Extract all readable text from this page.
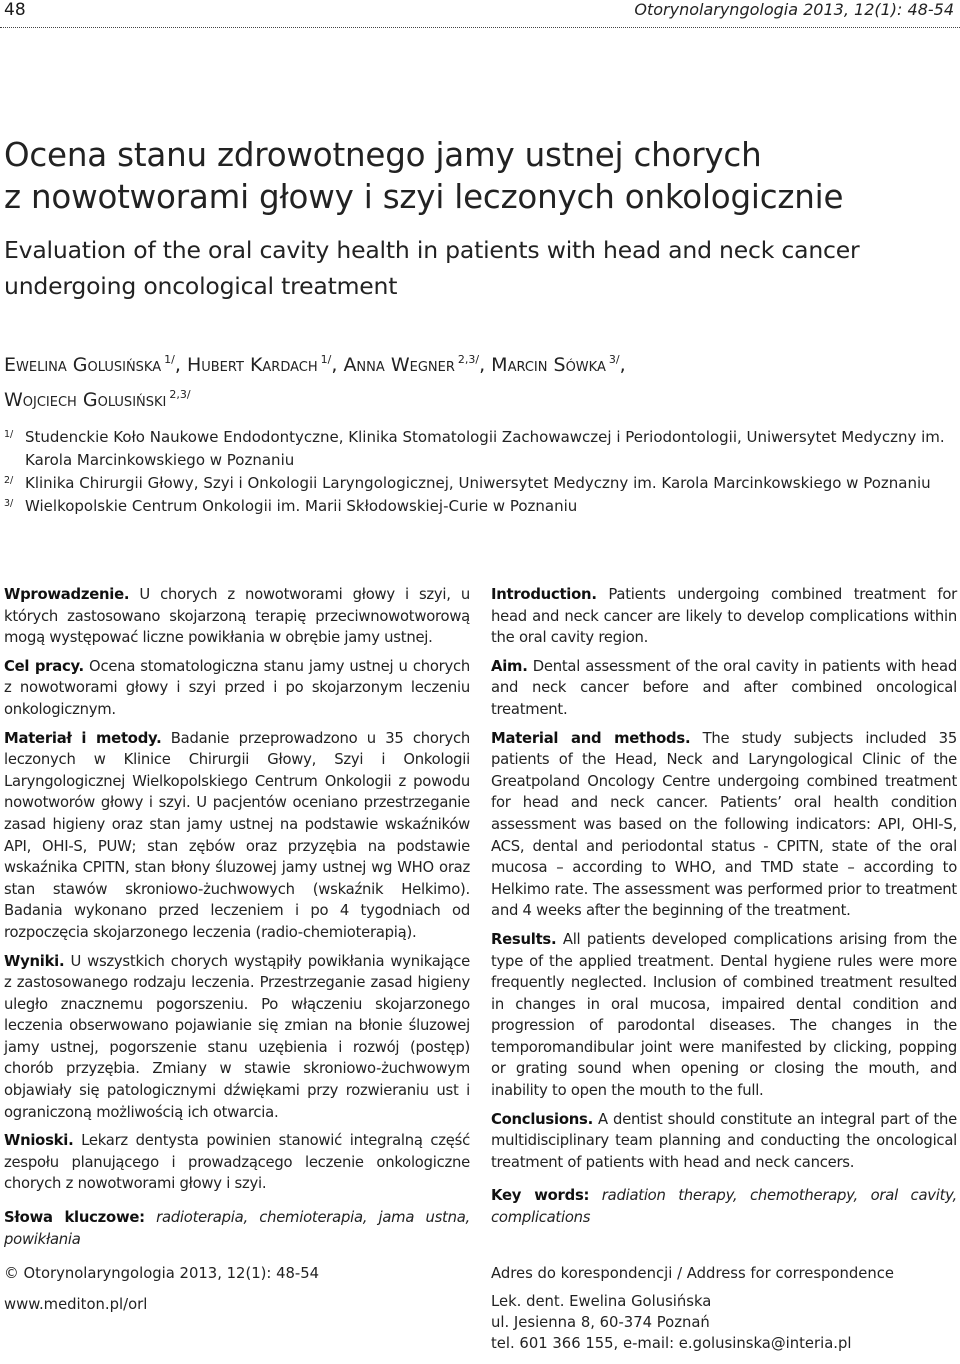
48	Otorynolaryngologia 2013, 12(1): 48-54
Ocena stanu zdrowotnego jamy ustnej chorych
z nowotworami głowy i szyi leczonych onkologicznie
Evaluation of the oral cavity health in patients with head and neck cancer
undergoing oncological treatment
Ewelina Golusińska $^{1/}$, Hubert Kardach $^{1/}$, Anna Wegner $^{2,3/}$, Marcin Sówka $^{3/}$,
Wojciech Golusiński $^{2,3/}$
1/ Studenckie Koło Naukowe Endodontyczne, Klinika Stomatologii Zachowawczej i Periodontologii, Uniwersytet Medyczny im. Karola Marcinkowskiego w Poznaniu
2/ Klinika Chirurgii Głowy, Szyi i Onkologii Laryngologicznej, Uniwersytet Medyczny im. Karola Marcinkowskiego w Poznaniu
3/ Wielkopolskie Centrum Onkologii im. Marii Skłodowskiej-Curie w Poznaniu

Wprowadzenie. U chorych z nowotworami głowy i szyi, u których zastosowano skojarzoną terapię przeciwnowotworową mogą występować liczne powikłania w obrębie jamy ustnej.

Cel pracy. Ocena stomatologiczna stanu jamy ustnej u chorych z nowotworami głowy i szyi przed i po skojarzonym leczeniu onkologicznym.

Materiał i metody. Badanie przeprowadzono u 35 chorych leczonych w Klinice Chirurgii Głowy, Szyi i Onkologii Laryngologicznej Wielkopolskiego Centrum Onkologii z powodu nowotworów głowy i szyi. U pacjentów oceniano przestrzeganie zasad higieny oraz stan jamy ustnej na podstawie wskaźników API, OHI-S, PUW; stan zębów oraz przyzębia na podstawie wskaźnika CPITN, stan błony śluzowej jamy ustnej wg WHO oraz stan stawów skroniowo-żuchwowych (wskaźnik Helkimo). Badania wykonano przed leczeniem i po 4 tygodniach od rozpoczęcia skojarzonego leczenia (radio-chemioterapią).

Wyniki. U wszystkich chorych wystąpiły powikłania wynikające z zastosowanego rodzaju leczenia. Przestrzeganie zasad higieny uległo znacznemu pogorszeniu. Po włączeniu skojarzonego leczenia obserwowano pojawianie się zmian na błonie śluzowej jamy ustnej, pogorszenie stanu uzębienia i rozwój (postęp) chorób przyzębia. Zmiany w stawie skroniowo-żuchwowym objawiały się patologicznymi dźwiękami przy rozwieraniu ust i ograniczoną możliwością ich otwarcia.

Wnioski. Lekarz dentysta powinien stanowić integralną część zespołu planującego i prowadzącego leczenie onkologiczne chorych z nowotworami głowy i szyi.

Słowa kluczowe: radioterapia, chemioterapia, jama ustna, powikłania

Introduction. Patients undergoing combined treatment for head and neck cancer are likely to develop complications within the oral cavity region.

Aim. Dental assessment of the oral cavity in patients with head and neck cancer before and after combined oncological treatment.

Material and methods. The study subjects included 35 patients of the Head, Neck and Laryngological Clinic of the Greatpoland Oncology Centre undergoing combined treatment for head and neck cancer. Patients’ oral health condition assessment was based on the following indicators: API, OHI-S, ACS, dental and periodontal status - CPITN, state of the oral mucosa – according to WHO, and TMD state – according to Helkimo rate. The assessment was performed prior to treatment and 4 weeks after the beginning of the treatment.

Results. All patients developed complications arising from the type of the applied treatment. Dental hygiene rules were more frequently neglected. Inclusion of combined treatment resulted in changes in oral mucosa, impaired dental condition and progression of parodontal diseases. The changes in the temporomandibular joint were manifested by clicking, popping or grating sound when opening or closing the mouth, and inability to open the mouth to the full.

Conclusions. A dentist should constitute an integral part of the multidisciplinary team planning and conducting the oncological treatment of patients with head and neck cancers.

Key words: radiation therapy, chemotherapy, oral cavity, complications

© Otorynolaryngologia 2013, 12(1): 48-54
www.mediton.pl/orl
Adres do korespondencji / Address for correspondence
Lek. dent. Ewelina Golusińska
ul. Jesienna 8, 60-374 Poznań
tel. 601 366 155, e-mail: e.golusinska@interia.pl
